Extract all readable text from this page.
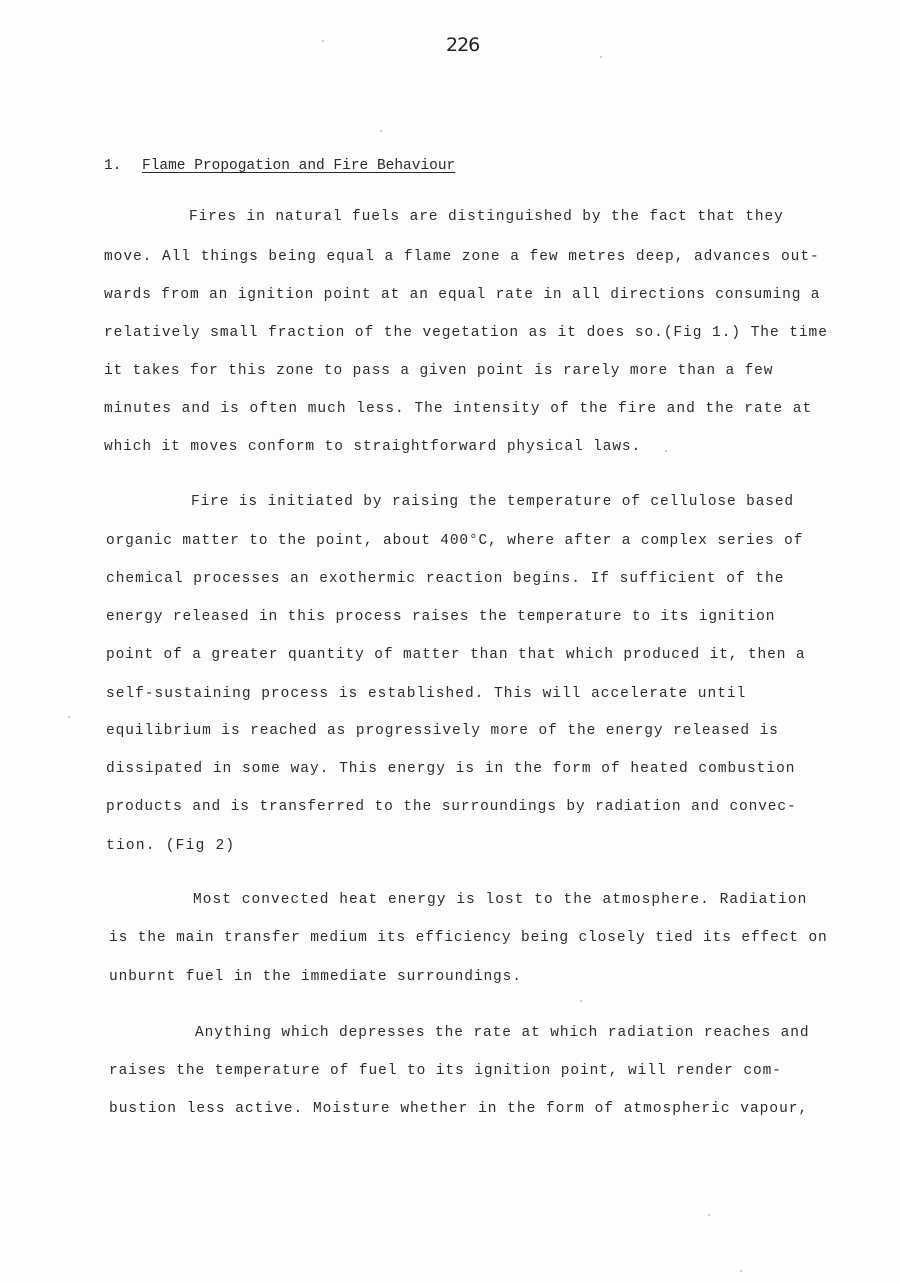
226
1. Flame Propogation and Fire Behaviour
Fires in natural fuels are distinguished by the fact that they
move. All things being equal a flame zone a few metres deep, advances out-
wards from an ignition point at an equal rate in all directions consuming a
relatively small fraction of the vegetation as it does so.(Fig 1.) The time
it takes for this zone to pass a given point is rarely more than a few
minutes and is often much less. The intensity of the fire and the rate at
which it moves conform to straightforward physical laws.
Fire is initiated by raising the temperature of cellulose based
organic matter to the point, about 400°C, where after a complex series of
chemical processes an exothermic reaction begins. If sufficient of the
energy released in this process raises the temperature to its ignition
point of a greater quantity of matter than that which produced it, then a
self-sustaining process is established. This will accelerate until
equilibrium is reached as progressively more of the energy released is
dissipated in some way. This energy is in the form of heated combustion
products and is transferred to the surroundings by radiation and convec-
tion. (Fig 2)
Most convected heat energy is lost to the atmosphere. Radiation
is the main transfer medium its efficiency being closely tied its effect on
unburnt fuel in the immediate surroundings.
Anything which depresses the rate at which radiation reaches and
raises the temperature of fuel to its ignition point, will render com-
bustion less active. Moisture whether in the form of atmospheric vapour,
